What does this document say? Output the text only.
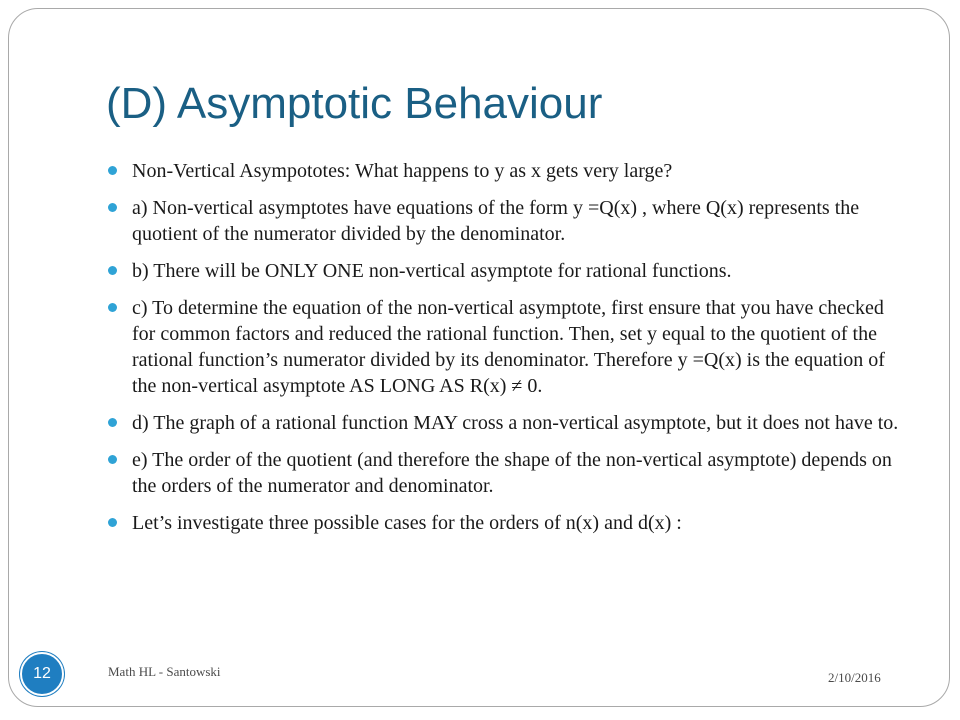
(D) Asymptotic Behaviour
Non-Vertical Asympototes: What happens to y as x gets very large?
a) Non-vertical asymptotes have equations of the form y =Q(x) , where Q(x) represents the quotient of the numerator divided by the denominator.
b) There will be ONLY ONE non-vertical asymptote for rational functions.
c) To determine the equation of the non-vertical asymptote, first ensure that you have checked for common factors and reduced the rational function. Then, set y equal to the quotient of the rational function’s numerator divided by its denominator. Therefore y =Q(x) is the equation of the non-vertical asymptote AS LONG AS R(x) ≠ 0.
d) The graph of a rational function MAY cross a non-vertical asymptote, but it does not have to.
e) The order of the quotient (and therefore the shape of the non-vertical asymptote) depends on the orders of the numerator and denominator.
Let’s investigate three possible cases for the orders of n(x) and d(x) :
12	Math HL - Santowski	2/10/2016
